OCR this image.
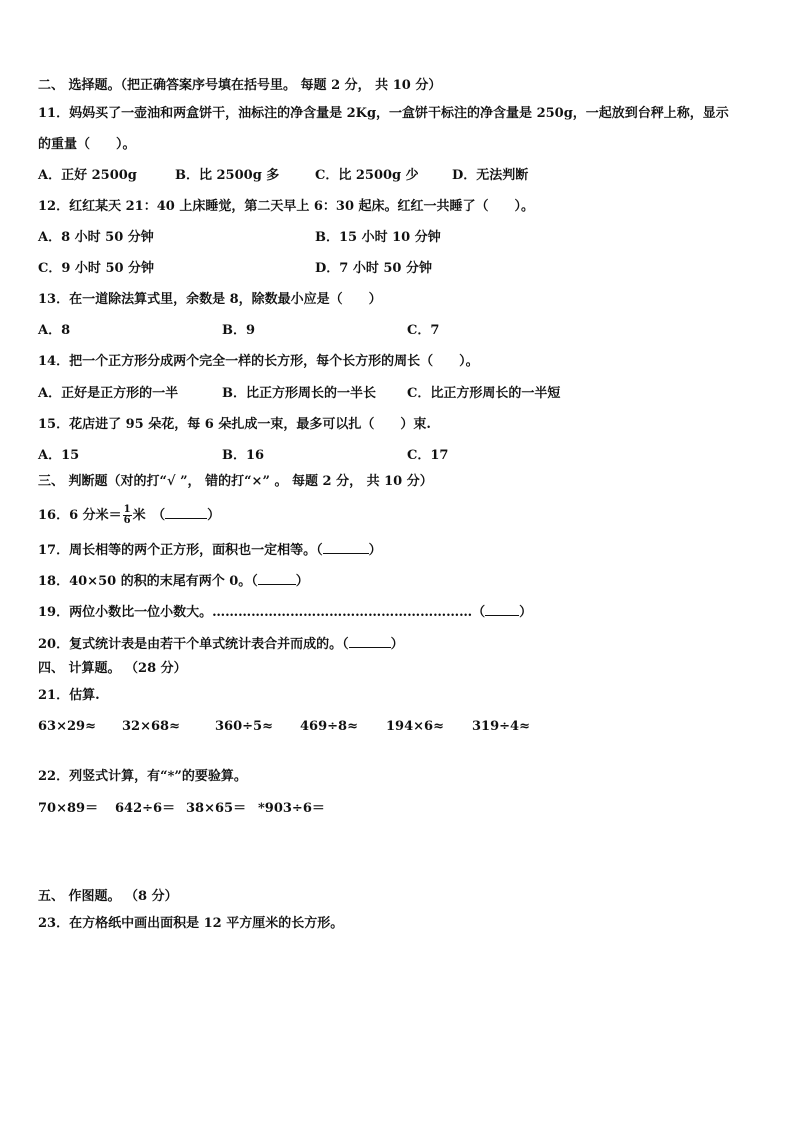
二、 选择题。（把正确答案序号填在括号里。 每题 2 分， 共 10 分）
11．妈妈买了一壶油和两盒饼干，油标注的净含量是 2Kg，一盒饼干标注的净含量是 250g，一起放到台秤上称，显示
的重量（　　）。
A．正好 2500g	B．比 2500g 多	C．比 2500g 少	D．无法判断
12．红红某天 21：40 上床睡觉，第二天早上 6：30 起床。红红一共睡了（　　）。
A．8 小时 50 分钟	B．15 小时 10 分钟
C．9 小时 50 分钟	D．7 小时 50 分钟
13．在一道除法算式里，余数是 8，除数最小应是（　　）
A．8	B．9	C．7
14．把一个正方形分成两个完全一样的长方形，每个长方形的周长（　　）。
A．正好是正方形的一半	B．比正方形周长的一半长 C．比正方形周长的一半短
15．花店进了 95 朵花，每 6 朵扎成一束，最多可以扎（　　）束.
A．15	B．16	C．17
三、 判断题（对的打“√ ”， 错的打“×” 。 每题 2 分， 共 10 分）
16．6 分米＝ $\frac{1}{6}$ 米　（	）
17．周长相等的两个正方形，面积也一定相等。（	）
18．40×50 的积的末尾有两个 0。（	）
19．两位小数比一位小数大。……………………………………………………（	）
20．复式统计表是由若干个单式统计表合并而成的。（	）
四、 计算题。 （28 分）
21．估算.
63×29≈ 32×68≈	360÷5≈ 469÷8≈ 194×6≈ 319÷4≈
22．列竖式计算，有“*”的要验算。
70×89＝ 642÷6＝ 38×65＝ *903÷6＝
五、 作图题。 （8 分）
23．在方格纸中画出面积是 12 平方厘米的长方形。
